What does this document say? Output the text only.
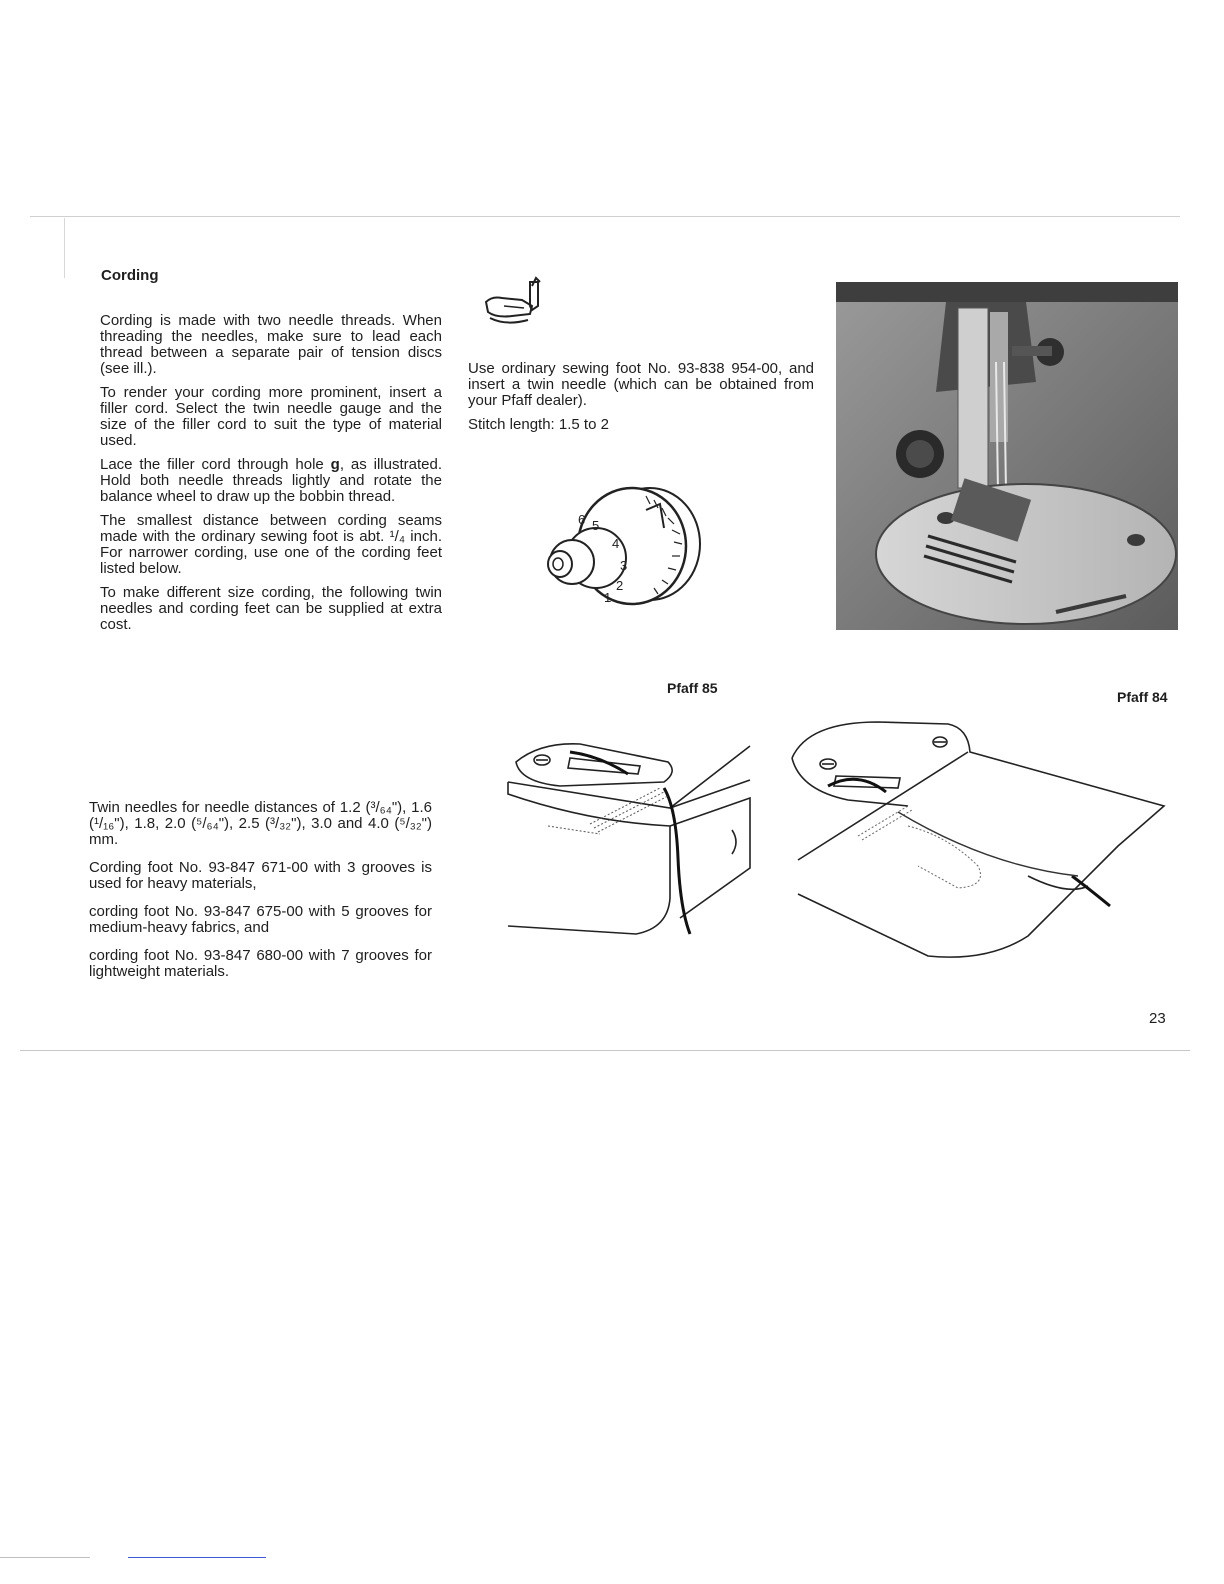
Cording

Cording is made with two needle threads. When threading the needles, make sure to lead each thread between a separate pair of tension discs (see ill.).

To render your cording more prominent, insert a filler cord. Select the twin needle gauge and the size of the filler cord to suit the type of material used.

Lace the filler cord through hole g, as illustrated. Hold both needle threads lightly and rotate the balance wheel to draw up the bobbin thread.

The smallest distance between cording seams made with the ordinary sewing foot is abt. ¹/₄ inch. For narrower cording, use one of the cording feet listed below.

To make different size cording, the following twin needles and cording feet can be supplied at extra cost.

Twin needles for needle distances of 1.2 (³/₆₄"), 1.6 (¹/₁₆"), 1.8, 2.0 (⁵/₆₄"), 2.5 (³/₃₂"), 3.0 and 4.0 (⁵/₃₂") mm.

Cording foot No. 93-847 671-00 with 3 grooves is used for heavy materials,

cording foot No. 93-847 675-00 with 5 grooves for medium-heavy fabrics, and

cording foot No. 93-847 680-00 with 7 grooves for lightweight materials.

Use ordinary sewing foot No. 93-838 954-00, and insert a twin needle (which can be obtained from your Pfaff dealer).

Stitch length: 1.5 to 2

6 5
4
3
2
1
Pfaff 85
Pfaff 84
23
